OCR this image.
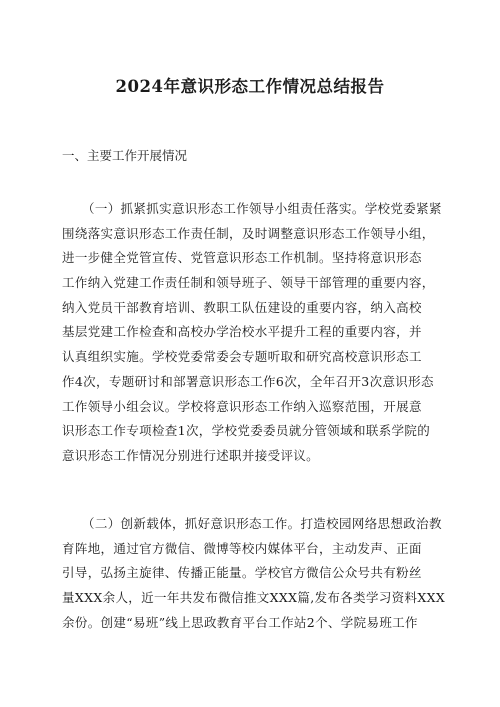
2024年意识形态工作情况总结报告
一、主要工作开展情况
（一）抓紧抓实意识形态工作领导小组责任落实。学校党委紧紧
围绕落实意识形态工作责任制，及时调整意识形态工作领导小组，
进一步健全党管宣传、党管意识形态工作机制。坚持将意识形态
工作纳入党建工作责任制和领导班子、领导干部管理的重要内容，
纳入党员干部教育培训、教职工队伍建设的重要内容，纳入高校
基层党建工作检查和高校办学治校水平提升工程的重要内容，并
认真组织实施。学校党委常委会专题听取和研究高校意识形态工
作4次，专题研讨和部署意识形态工作6次，全年召开3次意识形态
工作领导小组会议。学校将意识形态工作纳入巡察范围，开展意
识形态工作专项检查1次，学校党委委员就分管领域和联系学院的
意识形态工作情况分别进行述职并接受评议。
（二）创新载体，抓好意识形态工作。打造校园网络思想政治教
育阵地，通过官方微信、微博等校内媒体平台，主动发声、正面
引导，弘扬主旋律、传播正能量。学校官方微信公众号共有粉丝
量XXX余人，近一年共发布微信推文XXX篇,发布各类学习资料XXX
余份。创建“易班”线上思政教育平台工作站2个、学院易班工作
